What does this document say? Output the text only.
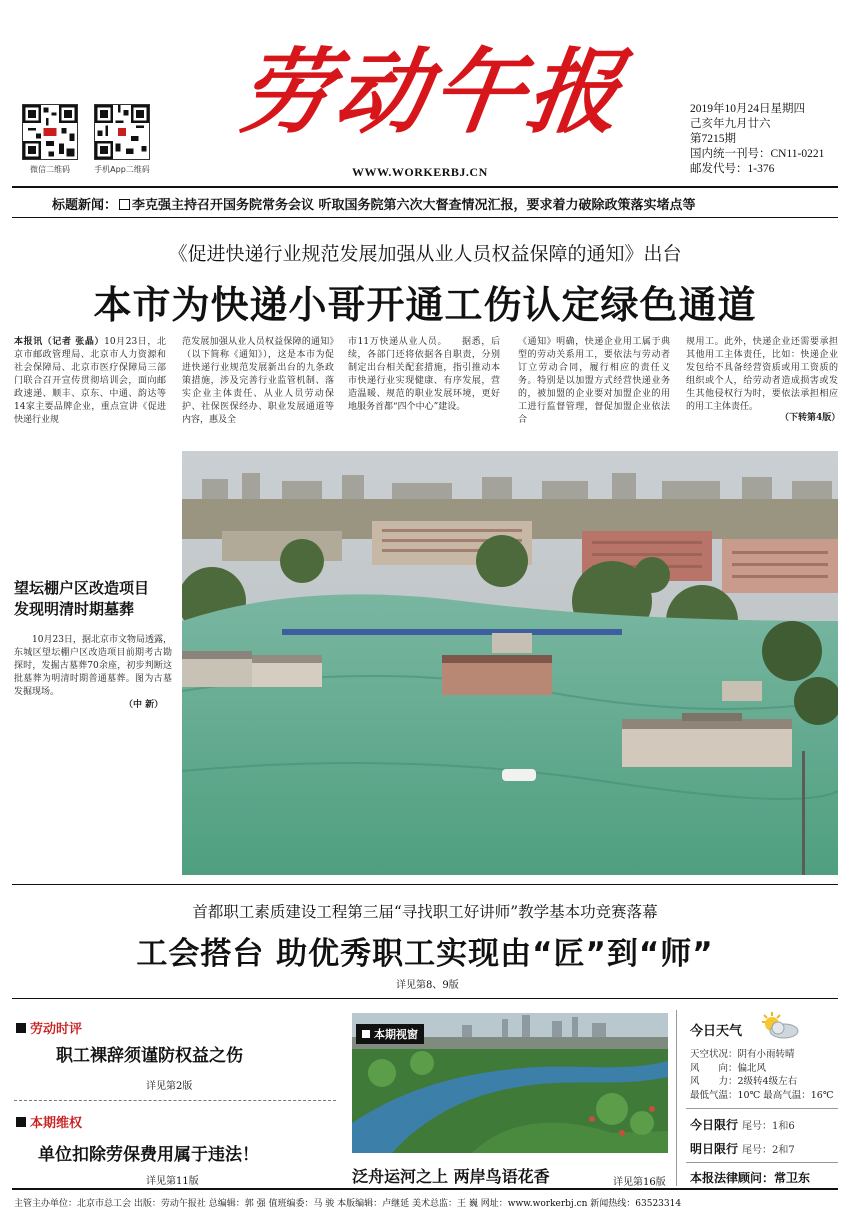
微信二维码	手机App二维码
劳动午报
WWW.WORKERBJ.CN
2019年10月24日星期四
己亥年九月廿六
第7215期
国内统一刊号：CN11-0221
邮发代号：1-376
标题新闻： 李克强主持召开国务院常务会议 听取国务院第六次大督查情况汇报，要求着力破除政策落实堵点等
《促进快递行业规范发展加强从业人员权益保障的通知》出台
本市为快递小哥开通工伤认定绿色通道
本报讯（记者 张晶）10月23日，北京市邮政管理局、北京市人力资源和社会保障局、北京市医疗保障局三部门联合召开宣传贯彻培训会，面向邮政速递、顺丰、京东、中通、韵达等14家主要品牌企业，重点宣讲《促进快递行业规
范发展加强从业人员权益保障的通知》（以下简称《通知》），这是本市为促进快递行业规范发展新出台的九条政策措施，涉及完善行业监管机制、落实企业主体责任、从业人员劳动保护、社保医保经办、职业发展通道等内容，惠及全
市11万快递从业人员。　　据悉，后续，各部门还将依据各自职责，分别制定出台相关配套措施，指引推动本市快递行业实现健康、有序发展，营造温暖、规范的职业发展环境，更好地服务首都“四个中心”建设。
《通知》明确，快递企业用工属于典型的劳动关系用工，要依法与劳动者订立劳动合同，履行相应的责任义务。特别是以加盟方式经营快递业务的，被加盟的企业要对加盟企业的用工进行监督管理，督促加盟企业依法合
规用工。此外，快递企业还需要承担其他用工主体责任，比如：快递企业发包给不具备经营资质或用工资质的组织或个人，给劳动者造成损害或发生其他侵权行为时，要依法承担相应的用工主体责任。
（下转第4版）
望坛棚户区改造项目
发现明清时期墓葬
10月23日，据北京市文物局透露，东城区望坛棚户区改造项目前期考古勘探时，发掘古墓葬70余座，初步判断这批墓葬为明清时期普通墓葬。图为古墓发掘现场。
（中 新）
首都职工素质建设工程第三届“寻找职工好讲师”教学基本功竞赛落幕
工会搭台 助优秀职工实现由“匠”到“师”
详见第8、9版
劳动时评
职工裸辞须谨防权益之伤
详见第2版
本期维权
单位扣除劳保费用属于违法！
详见第11版
本期视窗
泛舟运河之上 两岸鸟语花香	详见第16版
今日天气
天空状况：阴有小雨转晴
风　　向：偏北风
风　　力：2级转4级左右
最低气温：10℃ 最高气温：16℃
今日限行 尾号：1和6
明日限行 尾号：2和7
本报法律顾问：常卫东
主管主办单位：北京市总工会 出版：劳动午报社 总编辑：郭 强 值班编委：马 骏 本版编辑：卢继延 美术总监：王 巍 网址：www.workerbj.cn 新闻热线：63523314
